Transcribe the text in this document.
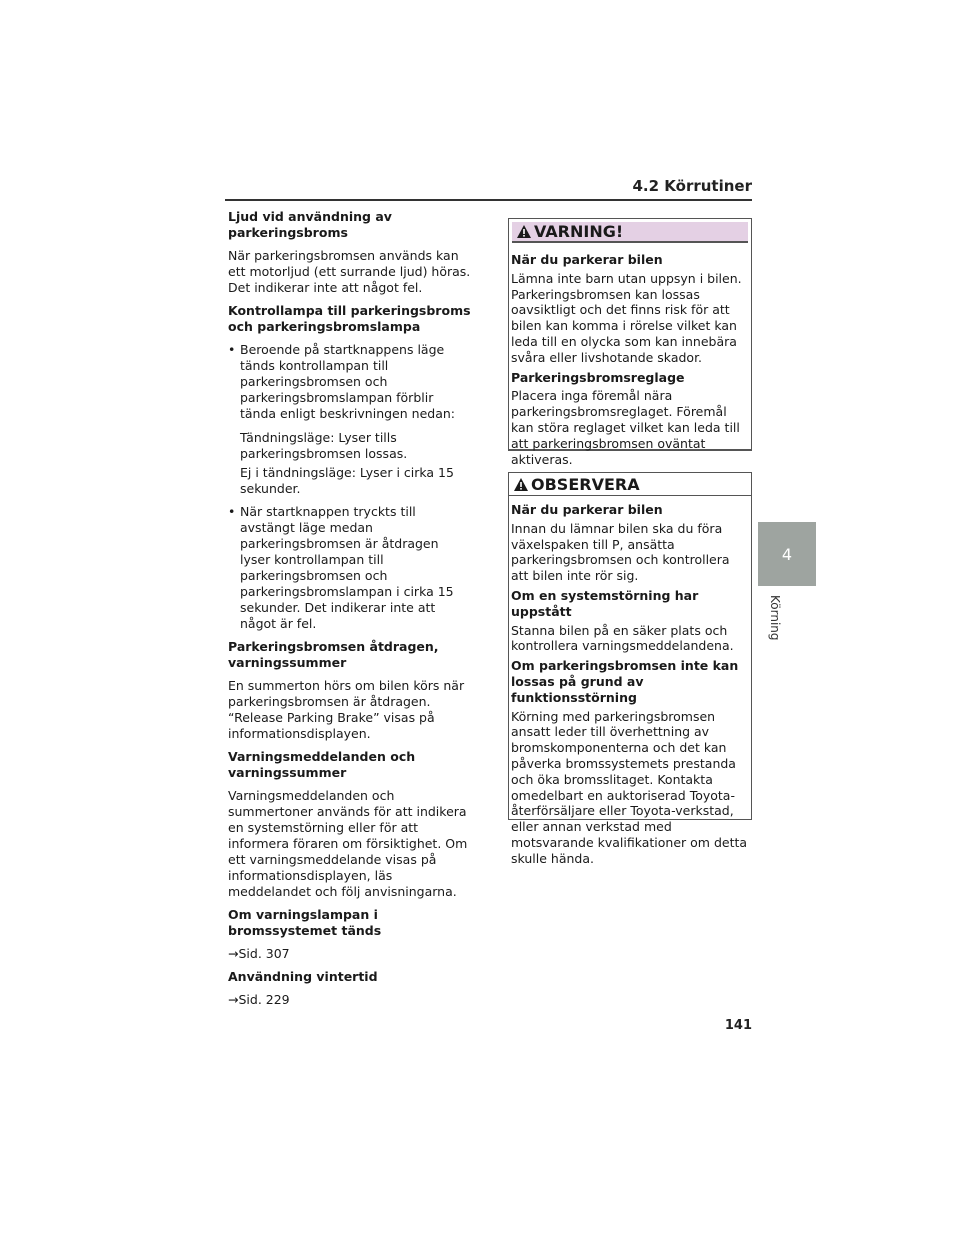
4.2 Körrutiner

Ljud vid användning av parkeringsbroms

När parkeringsbromsen används kan ett motorljud (ett surrande ljud) höras. Det indikerar inte att något fel.

Kontrollampa till parkeringsbroms och parkeringsbromslampa

• Beroende på startknappens läge tänds kontrollampan till parkeringsbromsen och parkeringsbromslampan förblir tända enligt beskrivningen nedan:
Tändningsläge: Lyser tills parkeringsbromsen lossas.
Ej i tändningsläge: Lyser i cirka 15 sekunder.
• När startknappen tryckts till avstängt läge medan parkeringsbromsen är åtdragen lyser kontrollampan till parkeringsbromsen och parkeringsbromslampan i cirka 15 sekunder. Det indikerar inte att något är fel.

Parkeringsbromsen åtdragen, varningssummer

En summerton hörs om bilen körs när parkeringsbromsen är åtdragen. “Release Parking Brake” visas på informationsdisplayen.

Varningsmeddelanden och varningssummer

Varningsmeddelanden och summertoner används för att indikera en systemstörning eller för att informera föraren om försiktighet. Om ett varningsmeddelande visas på informationsdisplayen, läs meddelandet och följ anvisningarna.

Om varningslampan i bromssystemet tänds

→Sid. 307

Användning vintertid

→Sid. 229

VARNING!

När du parkerar bilen

Lämna inte barn utan uppsyn i bilen. Parkeringsbromsen kan lossas oavsiktligt och det finns risk för att bilen kan komma i rörelse vilket kan leda till en olycka som kan innebära svåra eller livshotande skador.

Parkeringsbromsreglage

Placera inga föremål nära parkeringsbromsreglaget. Föremål kan störa reglaget vilket kan leda till att parkeringsbromsen oväntat aktiveras.

OBSERVERA

När du parkerar bilen

Innan du lämnar bilen ska du föra växelspaken till P, ansätta parkeringsbromsen och kontrollera att bilen inte rör sig.

Om en systemstörning har uppstått

Stanna bilen på en säker plats och kontrollera varningsmeddelandena.

Om parkeringsbromsen inte kan lossas på grund av funktionsstörning

Körning med parkeringsbromsen ansatt leder till överhettning av bromskomponenterna och det kan påverka bromssystemets prestanda och öka bromsslitaget. Kontakta omedelbart en auktoriserad Toyota-återförsäljare eller Toyota-verkstad, eller annan verkstad med motsvarande kvalifikationer om detta skulle hända.

4
Körning
141
